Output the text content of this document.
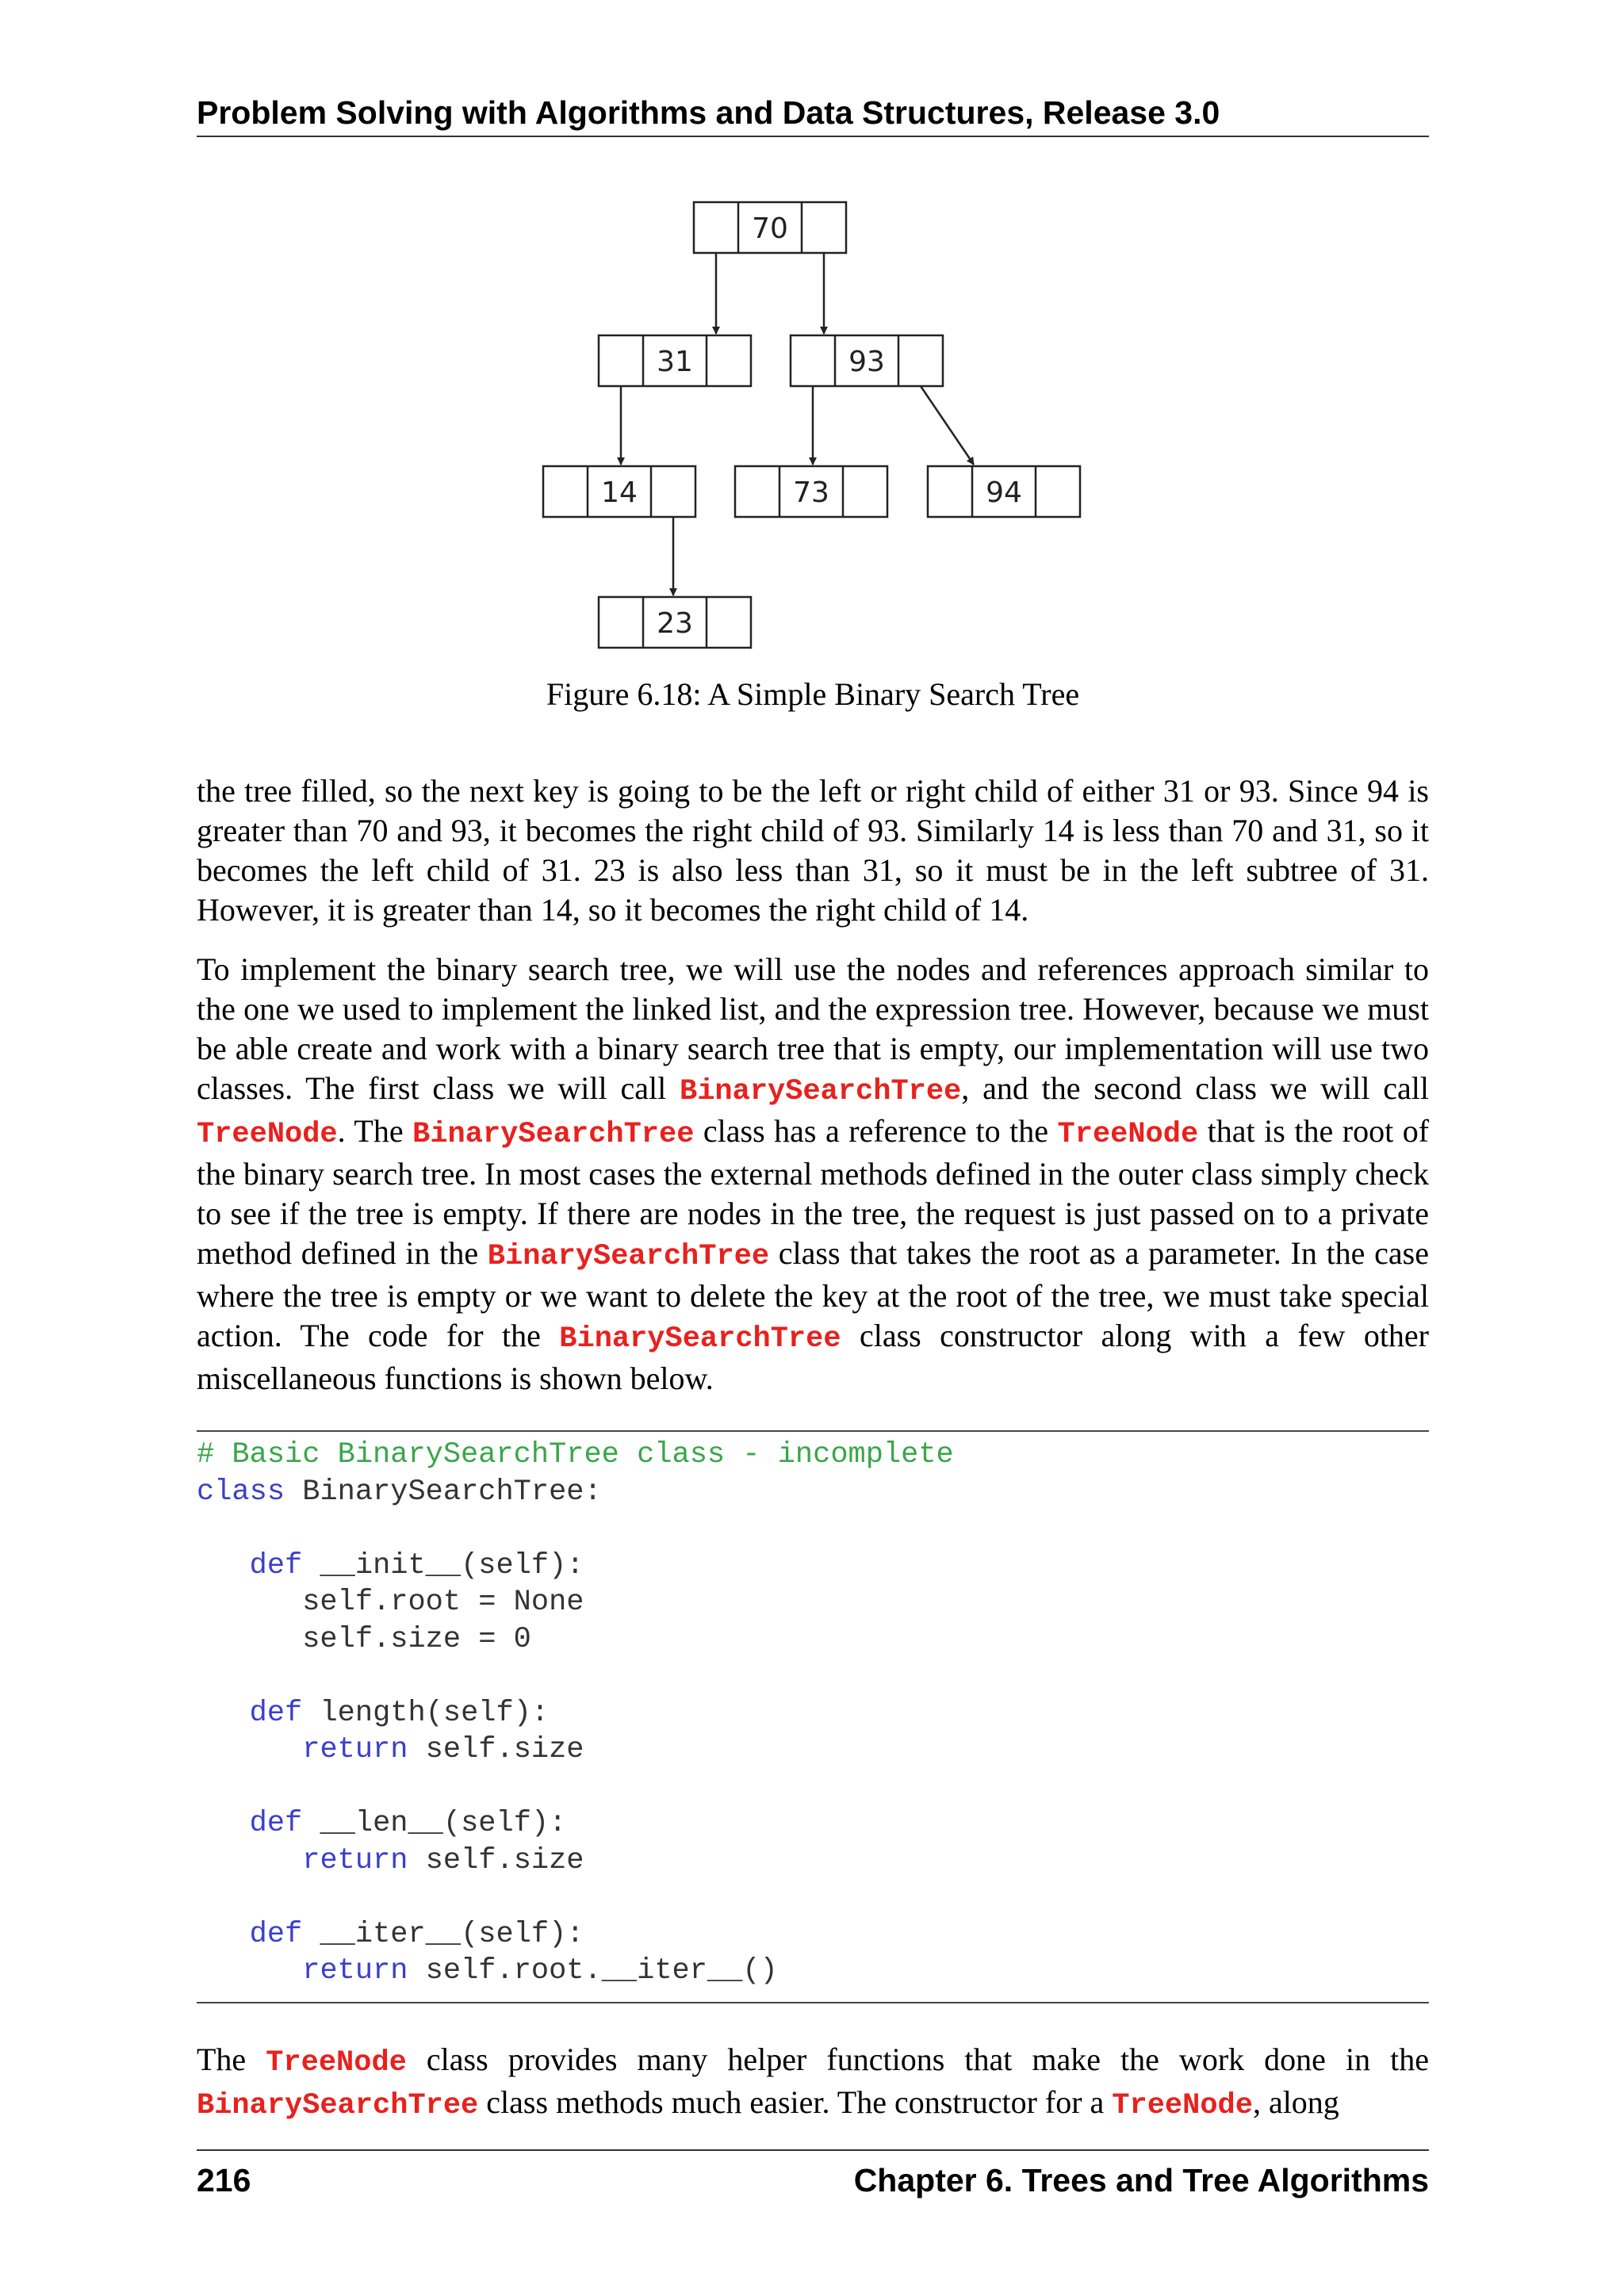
Problem Solving with Algorithms and Data Structures, Release 3.0
70
31	93
14	73	94
23
Figure 6.18: A Simple Binary Search Tree

the tree filled, so the next key is going to be the left or right child of either 31 or 93. Since 94 is greater than 70 and 93, it becomes the right child of 93. Similarly 14 is less than 70 and 31, so it becomes the left child of 31. 23 is also less than 31, so it must be in the left subtree of 31. However, it is greater than 14, so it becomes the right child of 14.

To implement the binary search tree, we will use the nodes and references approach similar to the one we used to implement the linked list, and the expression tree. However, because we must be able create and work with a binary search tree that is empty, our implementation will use two classes. The first class we will call BinarySearchTree, and the second class we will call TreeNode. The BinarySearchTree class has a reference to the TreeNode that is the root of the binary search tree. In most cases the external methods defined in the outer class simply check to see if the tree is empty. If there are nodes in the tree, the request is just passed on to a private method defined in the BinarySearchTree class that takes the root as a parameter. In the case where the tree is empty or we want to delete the key at the root of the tree, we must take special action. The code for the BinarySearchTree class constructor along with a few other miscellaneous functions is shown below.

# Basic BinarySearchTree class - incomplete
class BinarySearchTree:

def __init__(self):
self.root = None
self.size = 0

def length(self):
return self.size

def __len__(self):
return self.size

def __iter__(self):
return self.root.__iter__()

The TreeNode class provides many helper functions that make the work done in the BinarySearchTree class methods much easier. The constructor for a TreeNode, along

216	Chapter 6. Trees and Tree Algorithms
